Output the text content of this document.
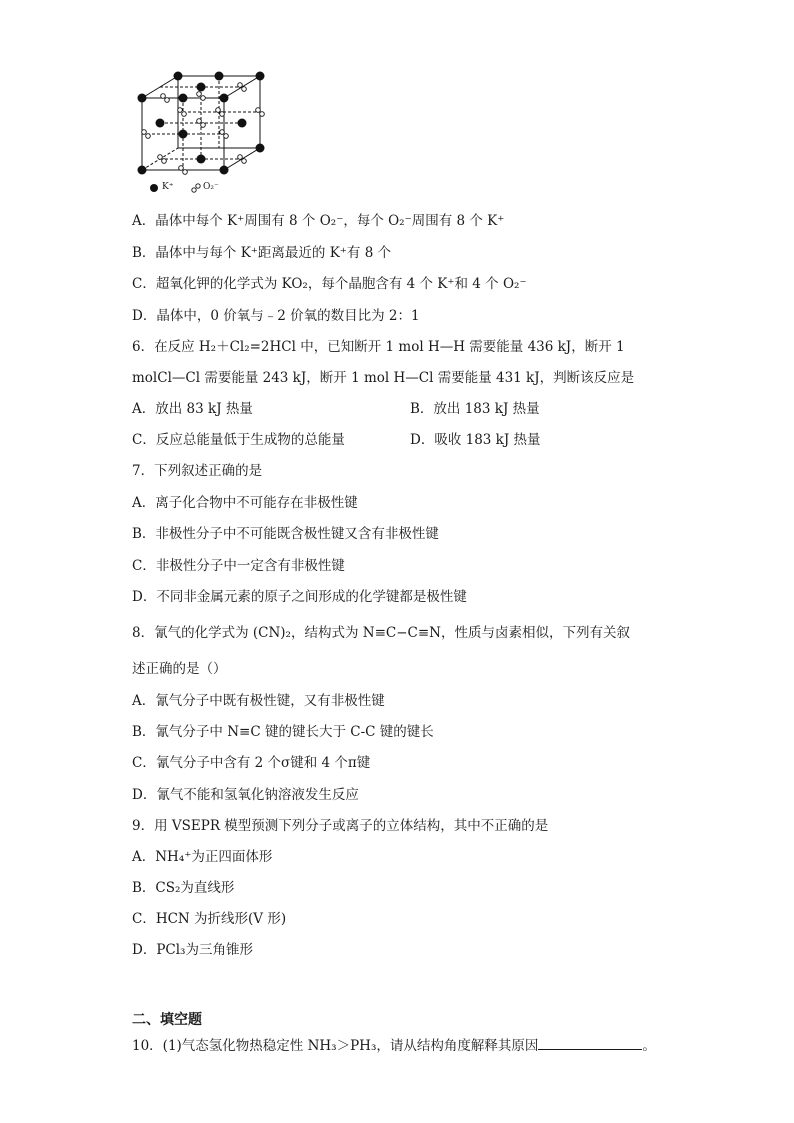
K⁺	O₂⁻
A．晶体中每个 K⁺周围有 8 个 O₂⁻，每个 O₂⁻周围有 8 个 K⁺
B．晶体中与每个 K⁺距离最近的 K⁺有 8 个
C．超氧化钾的化学式为 KO₂，每个晶胞含有 4 个 K⁺和 4 个 O₂⁻
D．晶体中，0 价氧与﹣2 价氧的数目比为 2：1
6．在反应 H₂＋Cl₂=2HCl 中，已知断开 1 mol H—H 需要能量 436 kJ，断开 1
molCl—Cl 需要能量 243 kJ，断开 1 mol H—Cl 需要能量 431 kJ，判断该反应是
A．放出 83 kJ 热量	B．放出 183 kJ 热量
C．反应总能量低于生成物的总能量	D．吸收 183 kJ 热量
7．下列叙述正确的是
A．离子化合物中不可能存在非极性键
B．非极性分子中不可能既含极性键又含有非极性键
C．非极性分子中一定含有非极性键
D．不同非金属元素的原子之间形成的化学键都是极性键
8．氰气的化学式为 (CN)₂，结构式为 N≡C−C≡N，性质与卤素相似，下列有关叙
述正确的是（）
A．氰气分子中既有极性键，又有非极性键
B．氰气分子中 N≡C 键的键长大于 C-C 键的键长
C．氰气分子中含有 2 个σ键和 4 个π键
D．氰气不能和氢氧化钠溶液发生反应
9．用 VSEPR 模型预测下列分子或离子的立体结构，其中不正确的是
A．NH₄⁺为正四面体形
B．CS₂为直线形
C．HCN 为折线形(V 形)
D．PCl₃为三角锥形
二、填空题
10．(1)气态氢化物热稳定性 NH₃＞PH₃，请从结构角度解释其原因	。
